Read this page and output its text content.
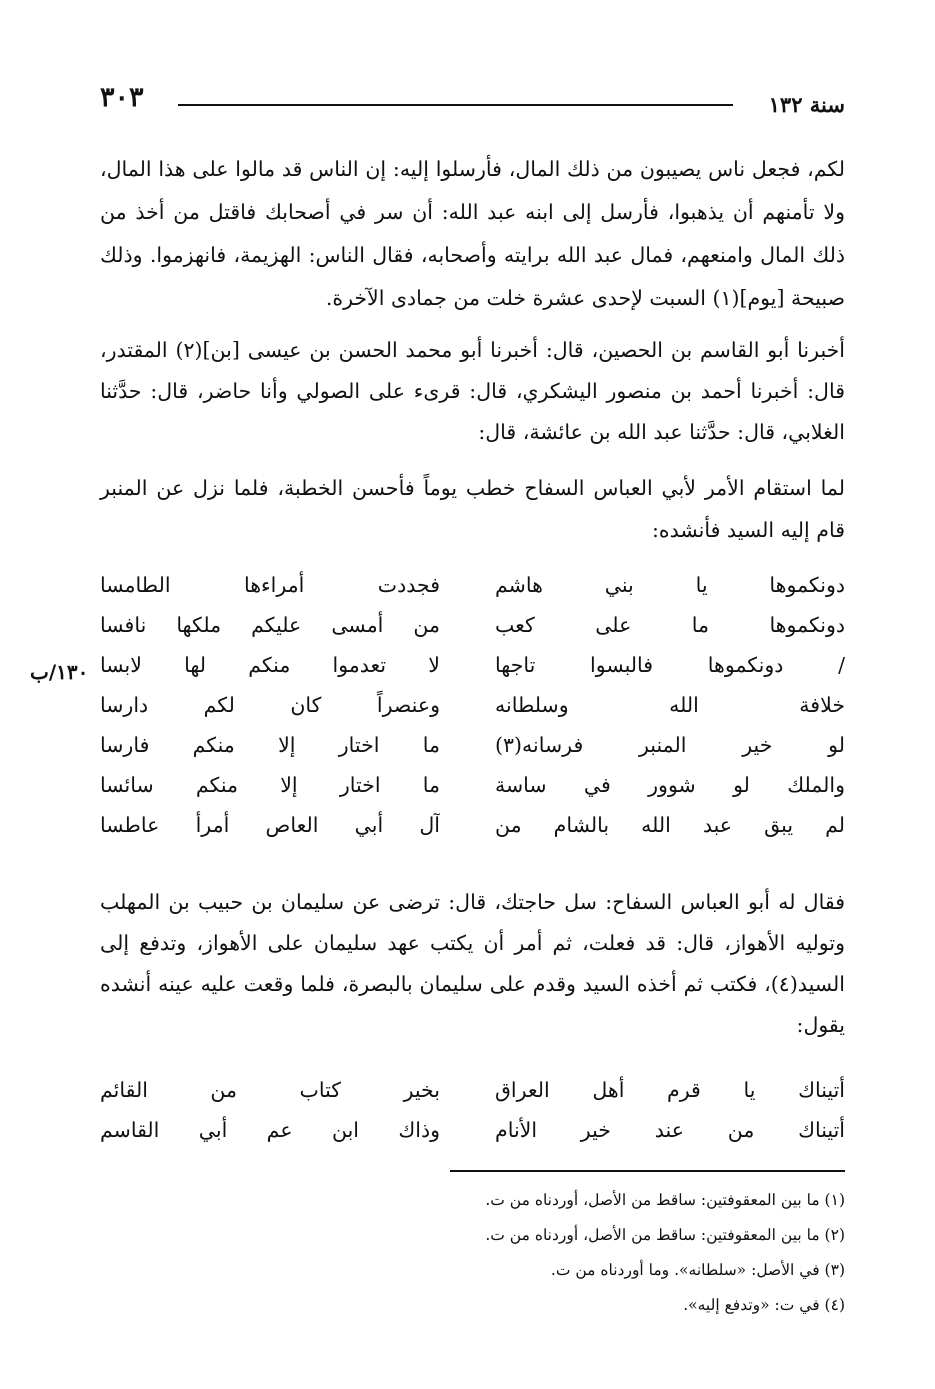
٣٠٣	سنة ١٣٢
لكم، فجعل ناس يصيبون من ذلك المال، فأرسلوا إليه: إن الناس قد مالوا على هذا المال، ولا تأمنهم أن يذهبوا، فأرسل إلى ابنه عبد الله: أن سر في أصحابك فاقتل من أخذ من ذلك المال وامنعهم، فمال عبد الله برايته وأصحابه، فقال الناس: الهزيمة، فانهزموا. وذلك صبيحة [يوم](١) السبت لإحدى عشرة خلت من جمادى الآخرة.
أخبرنا أبو القاسم بن الحصين، قال: أخبرنا أبو محمد الحسن بن عيسى [بن](٢) المقتدر، قال: أخبرنا أحمد بن منصور اليشكري، قال: قرىء على الصولي وأنا حاضر، قال: حدَّثنا الغلابي، قال: حدَّثنا عبد الله بن عائشة، قال:
لما استقام الأمر لأبي العباس السفاح خطب يوماً فأحسن الخطبة، فلما نزل عن المنبر قام إليه السيد فأنشده:
دونكموها يا بني هاشم
فجددت أمراءها الطامسا
دونكموها ما على كعب
من أمسى عليكم ملكها نافسا
/ دونكموها فالبسوا تاجها
لا تعدموا منكم لها لابسا
خلافة الله وسلطانه
وعنصراً كان لكم دارسا
لو خير المنبر فرسانه(٣)
ما اختار إلا منكم فارسا
والملك لو شوور في ساسة
ما اختار إلا منكم سائسا
لم يبق عبد الله بالشام من
آل أبي العاص أمرأ عاطسا
١٣٠/ب
فقال له أبو العباس السفاح: سل حاجتك، قال: ترضى عن سليمان بن حبيب بن المهلب وتوليه الأهواز، قال: قد فعلت، ثم أمر أن يكتب عهد سليمان على الأهواز، وتدفع إلى السيد(٤)، فكتب ثم أخذه السيد وقدم على سليمان بالبصرة، فلما وقعت عليه عينه أنشده يقول:
أتيناك يا قرم أهل العراق
بخير كتاب من القائم
أتيناك من عند خير الأنام
وذاك ابن عم أبي القاسم
(١) ما بين المعقوفتين: ساقط من الأصل، أوردناه من ت.
(٢) ما بين المعقوفتين: ساقط من الأصل، أوردناه من ت.
(٣) في الأصل: «سلطانه». وما أوردناه من ت.
(٤) في ت: «وتدفع إليه».
